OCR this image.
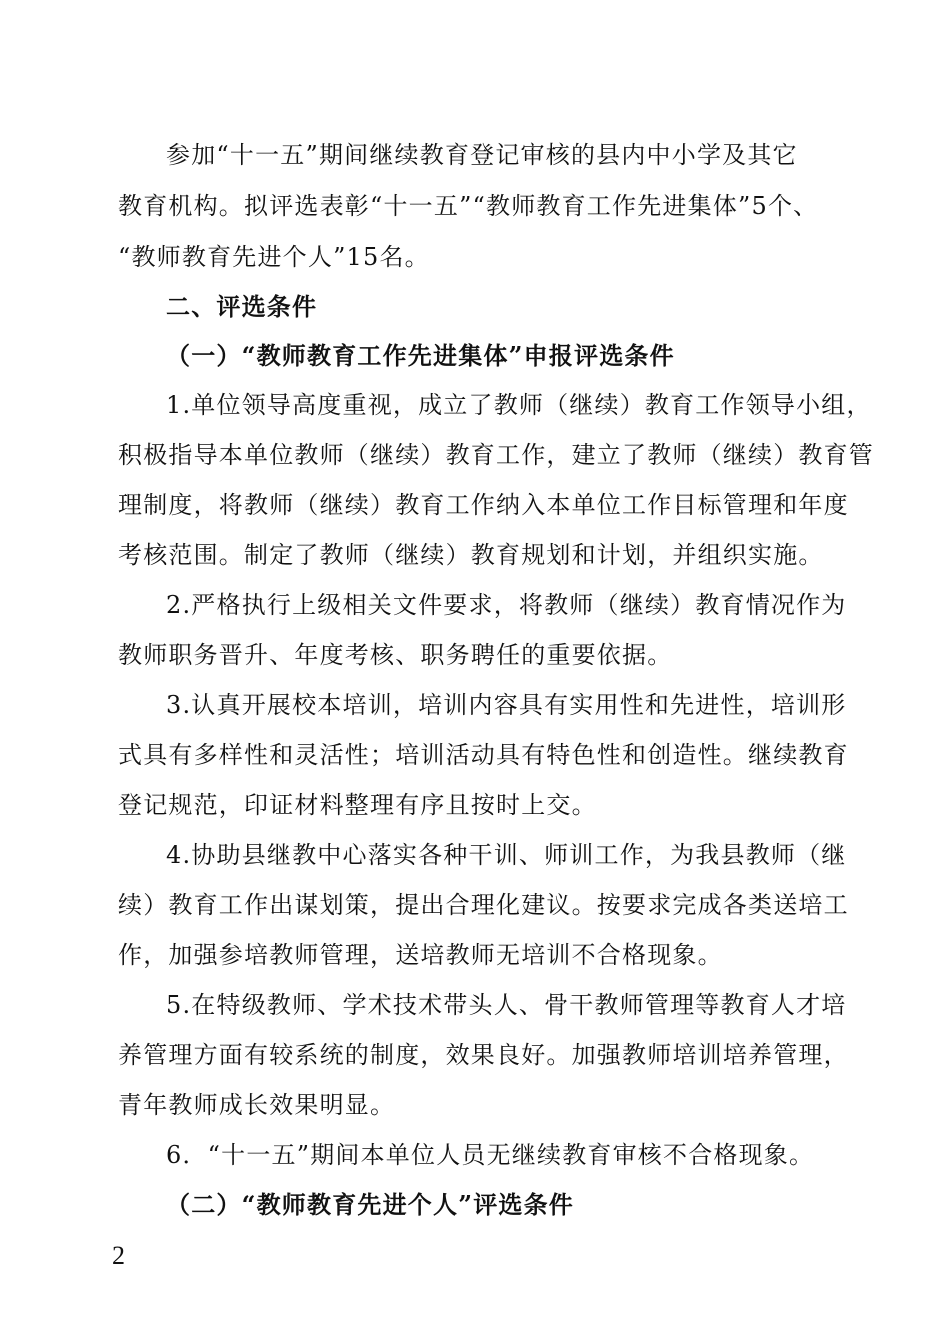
参加“十一五”期间继续教育登记审核的县内中小学及其它
教育机构。拟评选表彰“十一五”“教师教育工作先进集体”5个、
“教师教育先进个人”15名。
二、评选条件
（一）“教师教育工作先进集体”申报评选条件
1.单位领导高度重视，成立了教师（继续）教育工作领导小组，
积极指导本单位教师（继续）教育工作，建立了教师（继续）教育管
理制度，将教师（继续）教育工作纳入本单位工作目标管理和年度
考核范围。制定了教师（继续）教育规划和计划，并组织实施。
2.严格执行上级相关文件要求，将教师（继续）教育情况作为
教师职务晋升、年度考核、职务聘任的重要依据。
3.认真开展校本培训，培训内容具有实用性和先进性，培训形
式具有多样性和灵活性；培训活动具有特色性和创造性。继续教育
登记规范，印证材料整理有序且按时上交。
4.协助县继教中心落实各种干训、师训工作，为我县教师（继
续）教育工作出谋划策，提出合理化建议。按要求完成各类送培工
作，加强参培教师管理，送培教师无培训不合格现象。
5.在特级教师、学术技术带头人、骨干教师管理等教育人才培
养管理方面有较系统的制度，效果良好。加强教师培训培养管理，
青年教师成长效果明显。
6．“十一五”期间本单位人员无继续教育审核不合格现象。
（二）“教师教育先进个人”评选条件
2
